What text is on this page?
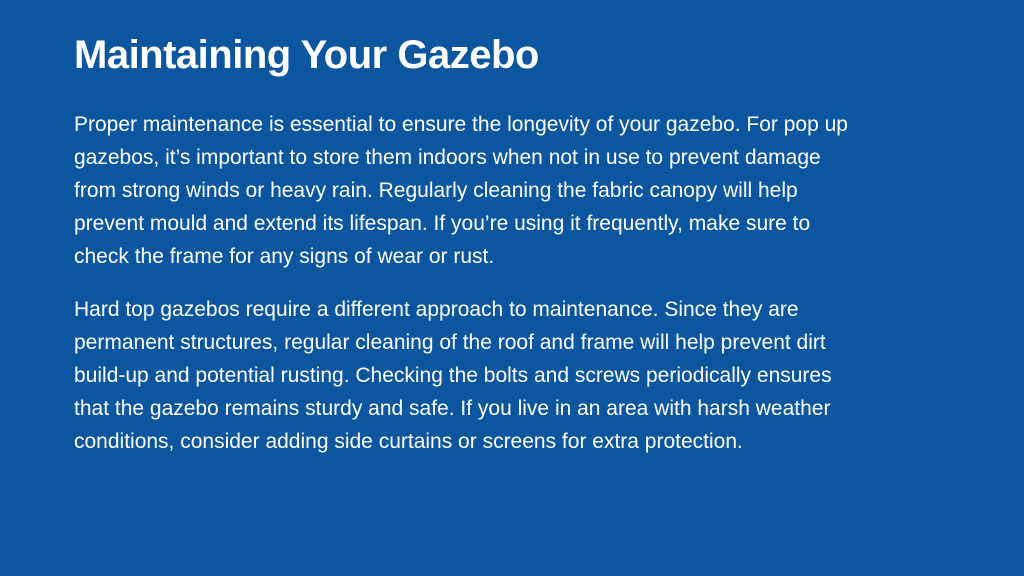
Maintaining Your Gazebo

Proper maintenance is essential to ensure the longevity of your gazebo. For pop up gazebos, it’s important to store them indoors when not in use to prevent damage from strong winds or heavy rain. Regularly cleaning the fabric canopy will help prevent mould and extend its lifespan. If you’re using it frequently, make sure to check the frame for any signs of wear or rust.

Hard top gazebos require a different approach to maintenance. Since they are permanent structures, regular cleaning of the roof and frame will help prevent dirt build-up and potential rusting. Checking the bolts and screws periodically ensures that the gazebo remains sturdy and safe. If you live in an area with harsh weather conditions, consider adding side curtains or screens for extra protection.
